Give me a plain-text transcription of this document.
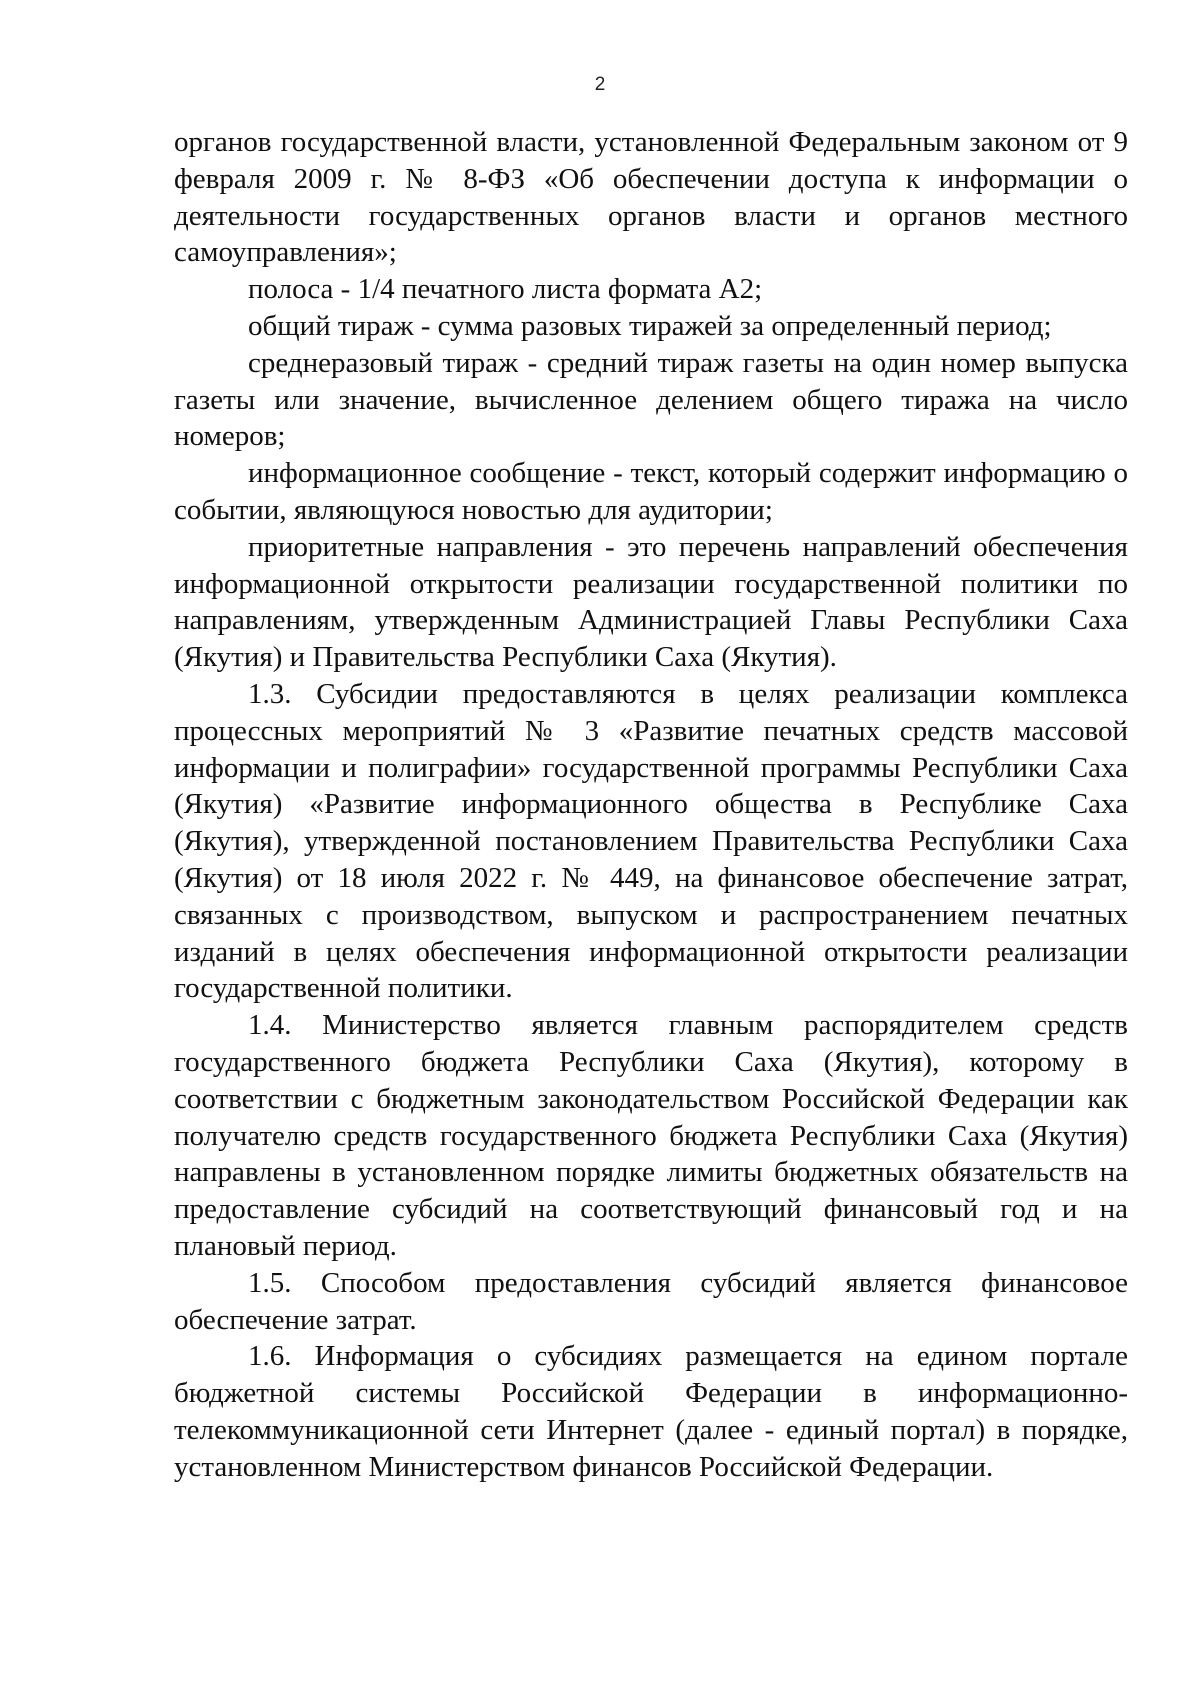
2

органов государственной власти, установленной Федеральным законом от 9 февраля 2009 г. № 8-ФЗ «Об обеспечении доступа к информации о деятельности государственных органов власти и органов местного самоуправления»;

полоса - 1/4 печатного листа формата А2;

общий тираж - сумма разовых тиражей за определенный период;

среднеразовый тираж - средний тираж газеты на один номер выпуска газеты или значение, вычисленное делением общего тиража на число номеров;

информационное сообщение - текст, который содержит информацию о событии, являющуюся новостью для аудитории;

приоритетные направления - это перечень направлений обеспечения информационной открытости реализации государственной политики по направлениям, утвержденным Администрацией Главы Республики Саха (Якутия) и Правительства Республики Саха (Якутия).

1.3. Субсидии предоставляются в целях реализации комплекса процессных мероприятий № 3 «Развитие печатных средств массовой информации и полиграфии» государственной программы Республики Саха (Якутия) «Развитие информационного общества в Республике Саха (Якутия), утвержденной постановлением Правительства Республики Саха (Якутия) от 18 июля 2022 г. № 449, на финансовое обеспечение затрат, связанных с производством, выпуском и распространением печатных изданий в целях обеспечения информационной открытости реализации государственной политики.

1.4. Министерство является главным распорядителем средств государственного бюджета Республики Саха (Якутия), которому в соответствии с бюджетным законодательством Российской Федерации как получателю средств государственного бюджета Республики Саха (Якутия) направлены в установленном порядке лимиты бюджетных обязательств на предоставление субсидий на соответствующий финансовый год и на плановый период.

1.5. Способом предоставления субсидий является финансовое обеспечение затрат.

1.6. Информация о субсидиях размещается на едином портале бюджетной системы Российской Федерации в информационно-телекоммуникационной сети Интернет (далее - единый портал) в порядке, установленном Министерством финансов Российской Федерации.
